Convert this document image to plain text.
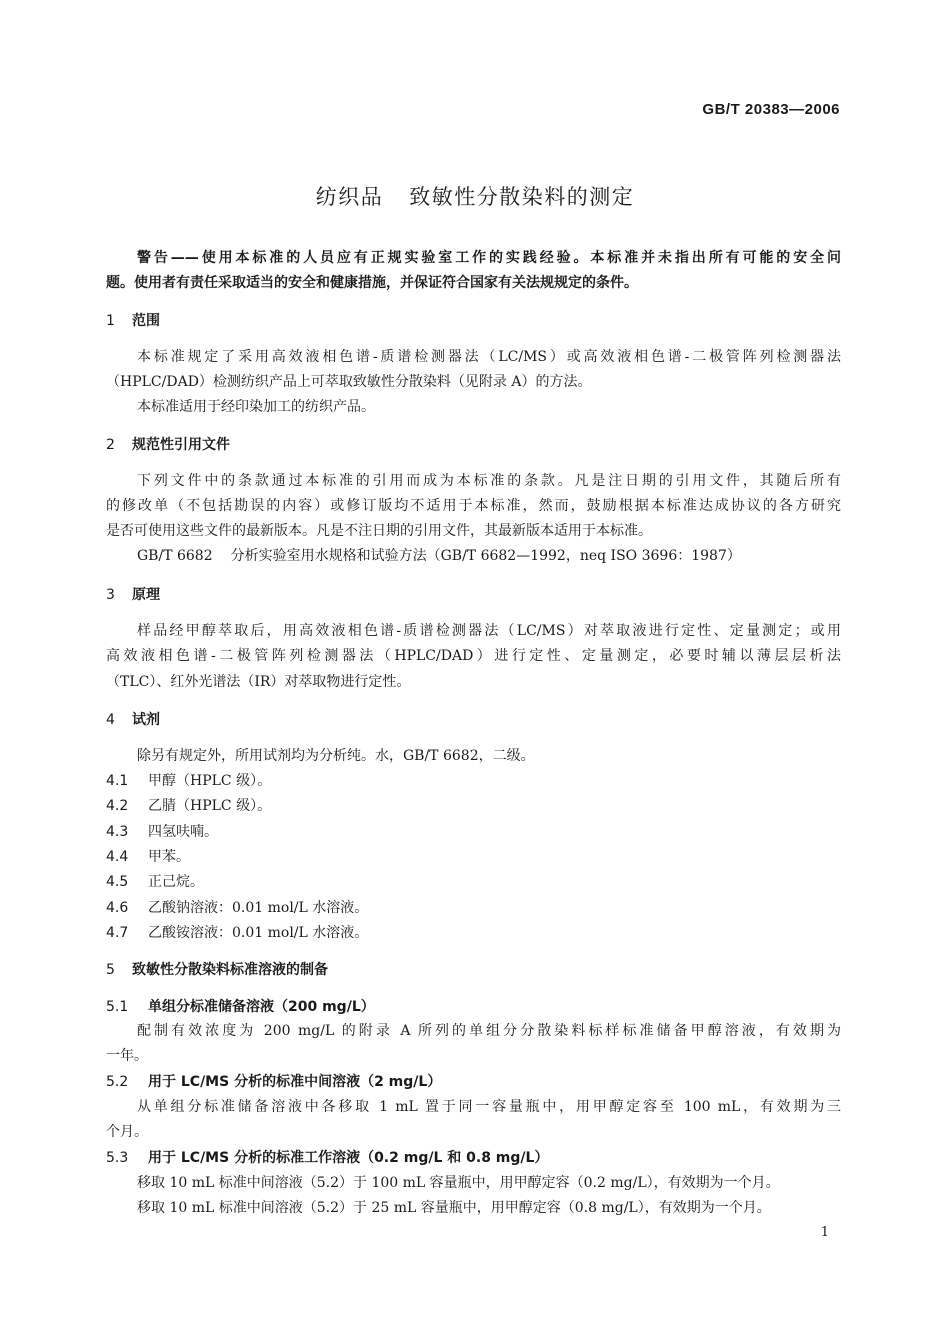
GB/T 20383—2006
纺织品 致敏性分散染料的测定
警告——使用本标准的人员应有正规实验室工作的实践经验。本标准并未指出所有可能的安全问
题。使用者有责任采取适当的安全和健康措施，并保证符合国家有关法规规定的条件。
1 范围
本标准规定了采用高效液相色谱-质谱检测器法（LC/MS）或高效液相色谱-二极管阵列检测器法
（HPLC/DAD）检测纺织产品上可萃取致敏性分散染料（见附录 A）的方法。
本标准适用于经印染加工的纺织产品。
2 规范性引用文件
下列文件中的条款通过本标准的引用而成为本标准的条款。凡是注日期的引用文件，其随后所有
的修改单（不包括勘误的内容）或修订版均不适用于本标准，然而，鼓励根据本标准达成协议的各方研究
是否可使用这些文件的最新版本。凡是不注日期的引用文件，其最新版本适用于本标准。
GB/T 6682 分析实验室用水规格和试验方法（GB/T 6682—1992，neq ISO 3696：1987）
3 原理
样品经甲醇萃取后，用高效液相色谱-质谱检测器法（LC/MS）对萃取液进行定性、定量测定；或用
高效液相色谱-二极管阵列检测器法（HPLC/DAD）进行定性、定量测定，必要时辅以薄层层析法
（TLC）、红外光谱法（IR）对萃取物进行定性。
4 试剂
除另有规定外，所用试剂均为分析纯。水，GB/T 6682，二级。
4.1 甲醇（HPLC 级）。
4.2 乙腈（HPLC 级）。
4.3 四氢呋喃。
4.4 甲苯。
4.5 正己烷。
4.6 乙酸钠溶液：0.01 mol/L 水溶液。
4.7 乙酸铵溶液：0.01 mol/L 水溶液。
5 致敏性分散染料标准溶液的制备
5.1 单组分标准储备溶液（200 mg/L）
配制有效浓度为 200 mg/L 的附录 A 所列的单组分分散染料标样标准储备甲醇溶液，有效期为
一年。
5.2 用于 LC/MS 分析的标准中间溶液（2 mg/L）
从单组分标准储备溶液中各移取 1 mL 置于同一容量瓶中，用甲醇定容至 100 mL，有效期为三
个月。
5.3 用于 LC/MS 分析的标准工作溶液（0.2 mg/L 和 0.8 mg/L）
移取 10 mL 标准中间溶液（5.2）于 100 mL 容量瓶中，用甲醇定容（0.2 mg/L），有效期为一个月。
移取 10 mL 标准中间溶液（5.2）于 25 mL 容量瓶中，用甲醇定容（0.8 mg/L），有效期为一个月。
1
